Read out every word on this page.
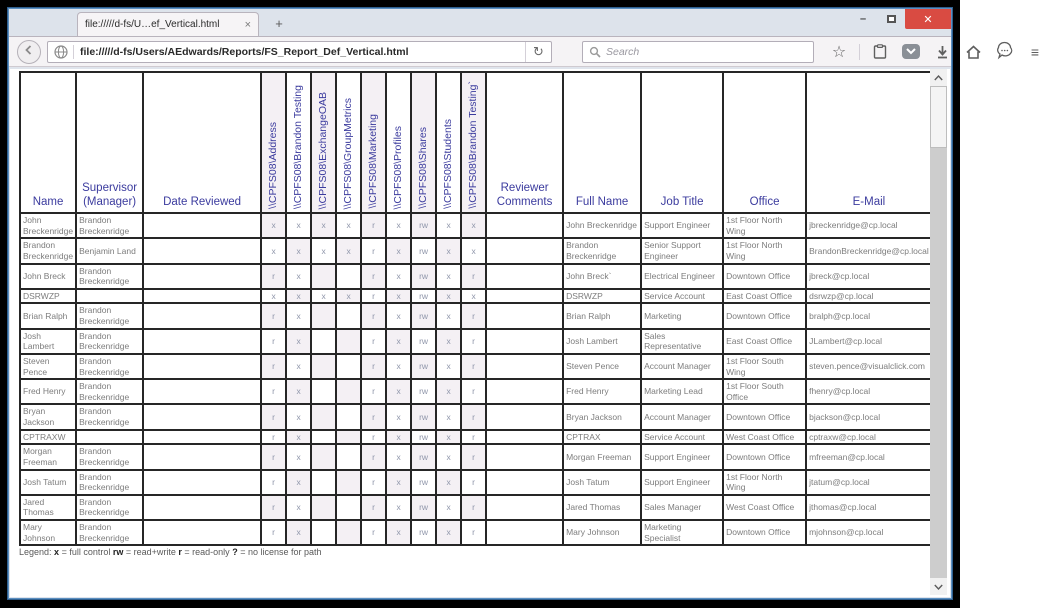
file://///d-fs/U…ef_Vertical.html	×	+	–	✕
file://///d-fs/Users/AEdwards/Reports/FS_Report_Def_Vertical.html	↻	Search	☆	≡
Name	Supervisor (Manager)	Date Reviewed	\\CPFS08\Address	\\CPFS08\Brandon Testing	\\CPFS08\ExchangeOAB	\\CPFS08\GroupMetrics	\\CPFS08\Marketing	\\CPFS08\Profiles	\\CPFS08\Shares	\\CPFS08\Students	\\CPFS08\Brandon Testing`	Reviewer Comments	Full Name	Job Title	Office	E-Mail
John Breckenridge	Brandon Breckenridge		x	x	x	x	r	x	rw	x	x		John Breckenridge	Support Engineer	1st Floor North Wing	jbreckenridge@cp.local
Brandon Breckenridge	Benjamin Land		x	x	x	x	r	x	rw	x	x		Brandon Breckenridge	Senior Support Engineer	1st Floor North Wing	BrandonBreckenridge@cp.local
John Breck	Brandon Breckenridge		r	x			r	x	rw	x	r		John Breck`	Electrical Engineer	Downtown Office	jbreck@cp.local
DSRWZP			x	x	x	x	r	x	rw	x	x		DSRWZP	Service Account	East Coast Office	dsrwzp@cp.local
Brian Ralph	Brandon Breckenridge		r	x			r	x	rw	x	r		Brian Ralph	Marketing	Downtown Office	bralph@cp.local
Josh Lambert	Brandon Breckenridge		r	x			r	x	rw	x	r		Josh Lambert	Sales Representative	East Coast Office	JLambert@cp.local
Steven Pence	Brandon Breckenridge		r	x			r	x	rw	x	r		Steven Pence	Account Manager	1st Floor South Wing	steven.pence@visualclick.com
Fred Henry	Brandon Breckenridge		r	x			r	x	rw	x	r		Fred Henry	Marketing Lead	1st Floor South Office	fhenry@cp.local
Bryan Jackson	Brandon Breckenridge		r	x			r	x	rw	x	r		Bryan Jackson	Account Manager	Downtown Office	bjackson@cp.local
CPTRAXW			r	x			r	x	rw	x	r		CPTRAX	Service Account	West Coast Office	cptraxw@cp.local
Morgan Freeman	Brandon Breckenridge		r	x			r	x	rw	x	r		Morgan Freeman	Support Engineer	Downtown Office	mfreeman@cp.local
Josh Tatum	Brandon Breckenridge		r	x			r	x	rw	x	r		Josh Tatum	Support Engineer	1st Floor North Wing	jtatum@cp.local
Jared Thomas	Brandon Breckenridge		r	x			r	x	rw	x	r		Jared Thomas	Sales Manager	West Coast Office	jthomas@cp.local
Mary Johnson	Brandon Breckenridge		r	x			r	x	rw	x	r		Mary Johnson	Marketing Specialist	Downtown Office	mjohnson@cp.local
Legend: x = full control rw = read+write r = read-only ? = no license for path
